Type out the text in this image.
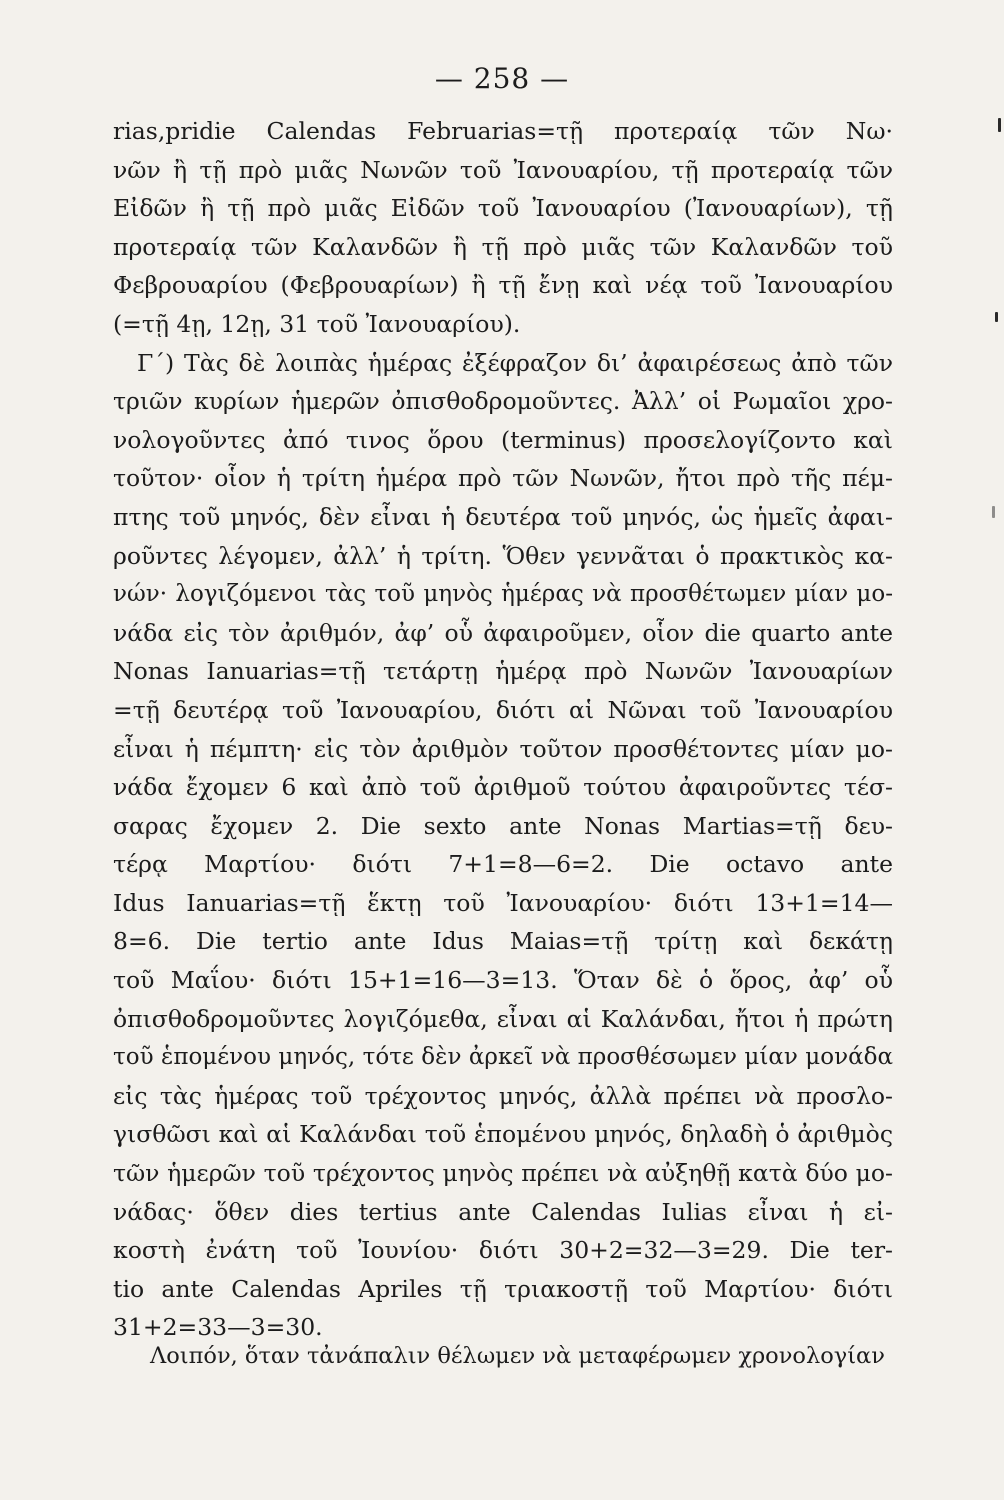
— 258 —
rias,pridie Calendas Februarias=τῇ προτεραίᾳ τῶν Νω·
νῶν ἢ τῇ πρὸ μιᾶς Νωνῶν τοῦ Ἰανουαρίου, τῇ προτεραίᾳ τῶν
Εἰδῶν ἢ τῇ πρὸ μιᾶς Εἰδῶν τοῦ Ἰανουαρίου (Ἰανουαρίων), τῇ
προτεραίᾳ τῶν Καλανδῶν ἢ τῇ πρὸ μιᾶς τῶν Καλανδῶν τοῦ
Φεβρουαρίου (Φεβρουαρίων) ἢ τῇ ἔνῃ καὶ νέᾳ τοῦ Ἰανουαρίου
(=τῇ 4ῃ, 12ῃ, 31 τοῦ Ἰανουαρίου).
Γ΄) Τὰς δὲ λοιπὰς ἡμέρας ἐξέφραζον δι’ ἀφαιρέσεως ἀπὸ τῶν
τριῶν κυρίων ἡμερῶν ὀπισθοδρομοῦντες. Ἀλλ’ οἱ Ρωμαῖοι χρο-
νολογοῦντες ἀπό τινος ὅρου (terminus) προσελογίζοντο καὶ
τοῦτον· οἷον ἡ τρίτη ἡμέρα πρὸ τῶν Νωνῶν, ἤτοι πρὸ τῆς πέμ-
πτης τοῦ μηνός, δὲν εἶναι ἡ δευτέρα τοῦ μηνός, ὡς ἡμεῖς ἀφαι-
ροῦντες λέγομεν, ἀλλ’ ἡ τρίτη. Ὅθεν γεννᾶται ὁ πρακτικὸς κα-
νών· λογιζόμενοι τὰς τοῦ μηνὸς ἡμέρας νὰ προσθέτωμεν μίαν μο-
νάδα εἰς τὸν ἀριθμόν, ἀφ’ οὗ ἀφαιροῦμεν, οἷον die quarto ante
Nonas Ianuarias=τῇ τετάρτῃ ἡμέρᾳ πρὸ Νωνῶν Ἰανουαρίων
=τῇ δευτέρᾳ τοῦ Ἰανουαρίου, διότι αἱ Νῶναι τοῦ Ἰανουαρίου
εἶναι ἡ πέμπτη· εἰς τὸν ἀριθμὸν τοῦτον προσθέτοντες μίαν μο-
νάδα ἔχομεν 6 καὶ ἀπὸ τοῦ ἀριθμοῦ τούτου ἀφαιροῦντες τέσ-
σαρας ἔχομεν 2. Die sexto ante Nonas Martias=τῇ δευ-
τέρᾳ Μαρτίου· διότι 7+1=8—6=2. Die octavo ante
Idus Ianuarias=τῇ ἕκτῃ τοῦ Ἰανουαρίου· διότι 13+1=14—
8=6. Die tertio ante Idus Maias=τῇ τρίτῃ καὶ δεκάτῃ
τοῦ Μαΐου· διότι 15+1=16—3=13. Ὅταν δὲ ὁ ὅρος, ἀφ’ οὗ
ὀπισθοδρομοῦντες λογιζόμεθα, εἶναι αἱ Καλάνδαι, ἤτοι ἡ πρώτη
τοῦ ἑπομένου μηνός, τότε δὲν ἀρκεῖ νὰ προσθέσωμεν μίαν μονάδα
εἰς τὰς ἡμέρας τοῦ τρέχοντος μηνός, ἀλλὰ πρέπει νὰ προσλο-
γισθῶσι καὶ αἱ Καλάνδαι τοῦ ἑπομένου μηνός, δηλαδὴ ὁ ἀριθμὸς
τῶν ἡμερῶν τοῦ τρέχοντος μηνὸς πρέπει νὰ αὐξηθῇ κατὰ δύο μο-
νάδας· ὅθεν dies tertius ante Calendas Iulias εἶναι ἡ εἰ-
κοστὴ ἐνάτη τοῦ Ἰουνίου· διότι 30+2=32—3=29. Die ter-
tio ante Calendas Apriles τῇ τριακοστῇ τοῦ Μαρτίου· διότι
31+2=33—3=30.
Λοιπόν, ὅταν τἀνάπαλιν θέλωμεν νὰ μεταφέρωμεν χρονολογίαν
